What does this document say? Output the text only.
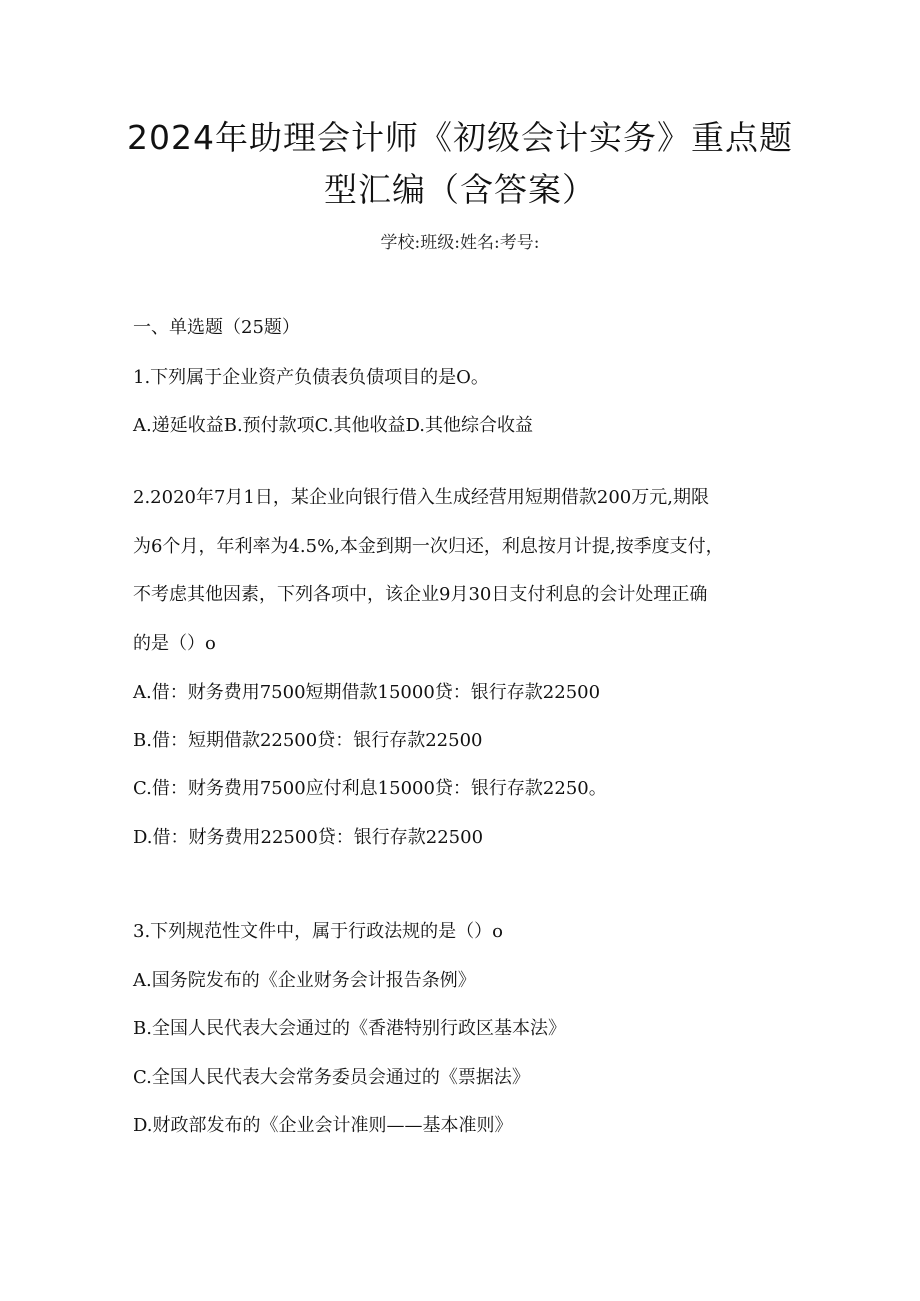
2024年助理会计师《初级会计实务》重点题
型汇编（含答案）
学校:班级:姓名:考号:
一、单选题（25题）
1.下列属于企业资产负债表负债项目的是O。
A.递延收益B.预付款项C.其他收益D.其他综合收益
2.2020年7月1日，某企业向银行借入生成经营用短期借款200万元,期限
为6个月，年利率为4.5%,本金到期一次归还，利息按月计提,按季度支付，
不考虑其他因素，下列各项中，该企业9月30日支付利息的会计处理正确
的是（）o
A.借：财务费用7500短期借款15000贷：银行存款22500
B.借：短期借款22500贷：银行存款22500
C.借：财务费用7500应付利息15000贷：银行存款2250。
D.借：财务费用22500贷：银行存款22500
3.下列规范性文件中，属于行政法规的是（）o
A.国务院发布的《企业财务会计报告条例》
B.全国人民代表大会通过的《香港特别行政区基本法》
C.全国人民代表大会常务委员会通过的《票据法》
D.财政部发布的《企业会计准则——基本准则》
